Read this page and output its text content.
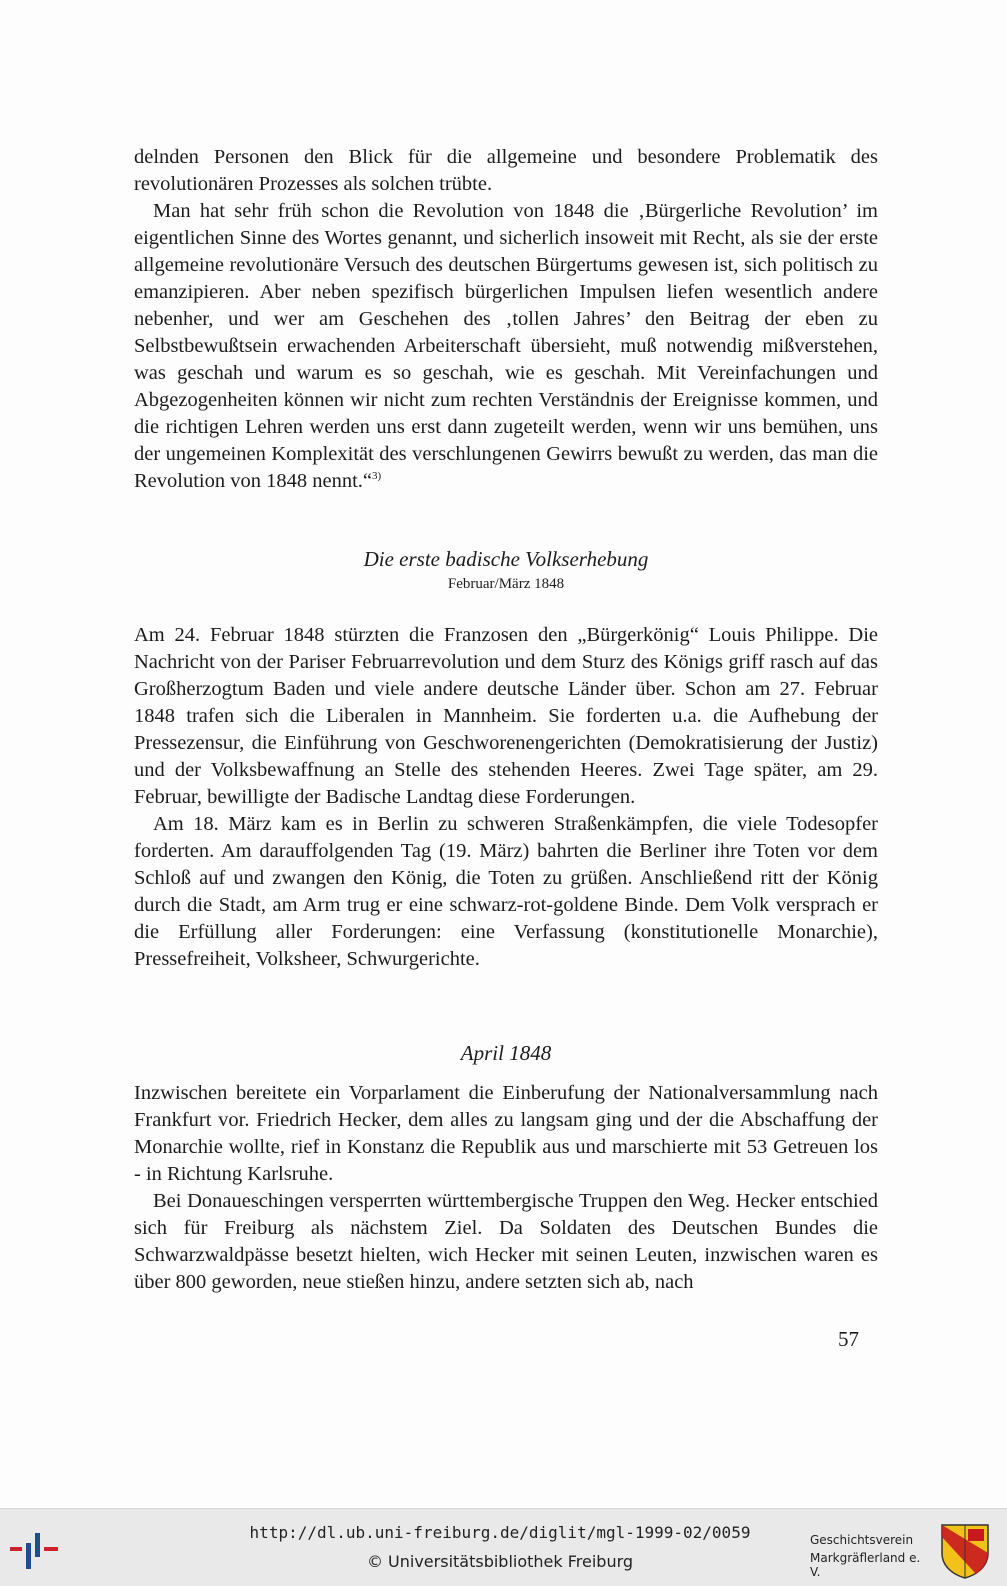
delnden Personen den Blick für die allgemeine und besondere Problematik des revolutionären Prozesses als solchen trübte.

Man hat sehr früh schon die Revolution von 1848 die ‚Bürgerliche Revolution’ im eigentlichen Sinne des Wortes genannt, und sicherlich insoweit mit Recht, als sie der erste allgemeine revolutionäre Versuch des deutschen Bürgertums gewesen ist, sich politisch zu emanzipieren. Aber neben spezifisch bürgerlichen Impulsen liefen wesentlich andere nebenher, und wer am Geschehen des ‚tollen Jahres’ den Beitrag der eben zu Selbstbewußtsein erwachenden Arbeiterschaft übersieht, muß notwendig mißverstehen, was geschah und warum es so geschah, wie es geschah. Mit Vereinfachungen und Abgezogenheiten können wir nicht zum rechten Verständnis der Ereignisse kommen, und die richtigen Lehren werden uns erst dann zugeteilt werden, wenn wir uns bemühen, uns der ungemeinen Komplexität des verschlungenen Gewirrs bewußt zu werden, das man die Revolution von 1848 nennt.“$^{3)}$

Die erste badische Volkserhebung
Februar/März 1848

Am 24. Februar 1848 stürzten die Franzosen den „Bürgerkönig“ Louis Philippe. Die Nachricht von der Pariser Februarrevolution und dem Sturz des Königs griff rasch auf das Großherzogtum Baden und viele andere deutsche Länder über. Schon am 27. Februar 1848 trafen sich die Liberalen in Mannheim. Sie forderten u.a. die Aufhebung der Pressezensur, die Einführung von Geschworenengerichten (Demokratisierung der Justiz) und der Volksbewaffnung an Stelle des stehenden Heeres. Zwei Tage später, am 29. Februar, bewilligte der Badische Landtag diese Forderungen.

Am 18. März kam es in Berlin zu schweren Straßenkämpfen, die viele Todesopfer forderten. Am darauffolgenden Tag (19. März) bahrten die Berliner ihre Toten vor dem Schloß auf und zwangen den König, die Toten zu grüßen. Anschließend ritt der König durch die Stadt, am Arm trug er eine schwarz-rot-goldene Binde. Dem Volk versprach er die Erfüllung aller Forderungen: eine Verfassung (konstitutionelle Monarchie), Pressefreiheit, Volksheer, Schwurgerichte.

April 1848

Inzwischen bereitete ein Vorparlament die Einberufung der Nationalversammlung nach Frankfurt vor. Friedrich Hecker, dem alles zu langsam ging und der die Abschaffung der Monarchie wollte, rief in Konstanz die Republik aus und marschierte mit 53 Getreuen los - in Richtung Karlsruhe.

Bei Donaueschingen versperrten württembergische Truppen den Weg. Hecker entschied sich für Freiburg als nächstem Ziel. Da Soldaten des Deutschen Bundes die Schwarzwaldpässe besetzt hielten, wich Hecker mit seinen Leuten, inzwischen waren es über 800 geworden, neue stießen hinzu, andere setzten sich ab, nach

57
http://dl.ub.uni-freiburg.de/diglit/mgl-1999-02/0059
© Universitätsbibliothek Freiburg
Geschichtsverein
Markgräflerland e. V.
